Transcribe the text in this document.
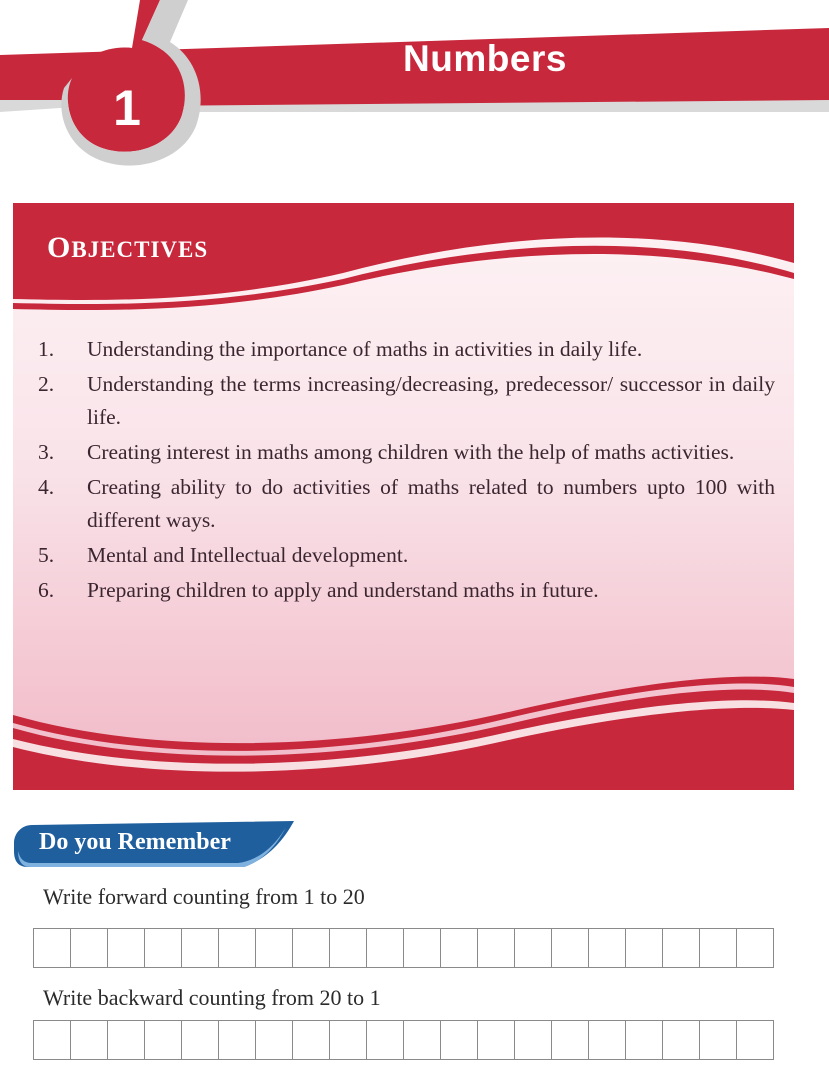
1
Numbers
OBJECTIVES
1. Understanding the importance of maths in activities in daily life.
2. Understanding the terms increasing/decreasing, predecessor/ successor in daily life.
3. Creating interest in maths among children with the help of maths activities.
4. Creating ability to do activities of maths related to numbers upto 100 with different ways.
5. Mental and Intellectual development.
6. Preparing children to apply and understand maths in future.
Do you Remember
Write forward counting from 1 to 20
Write backward counting from 20 to 1
